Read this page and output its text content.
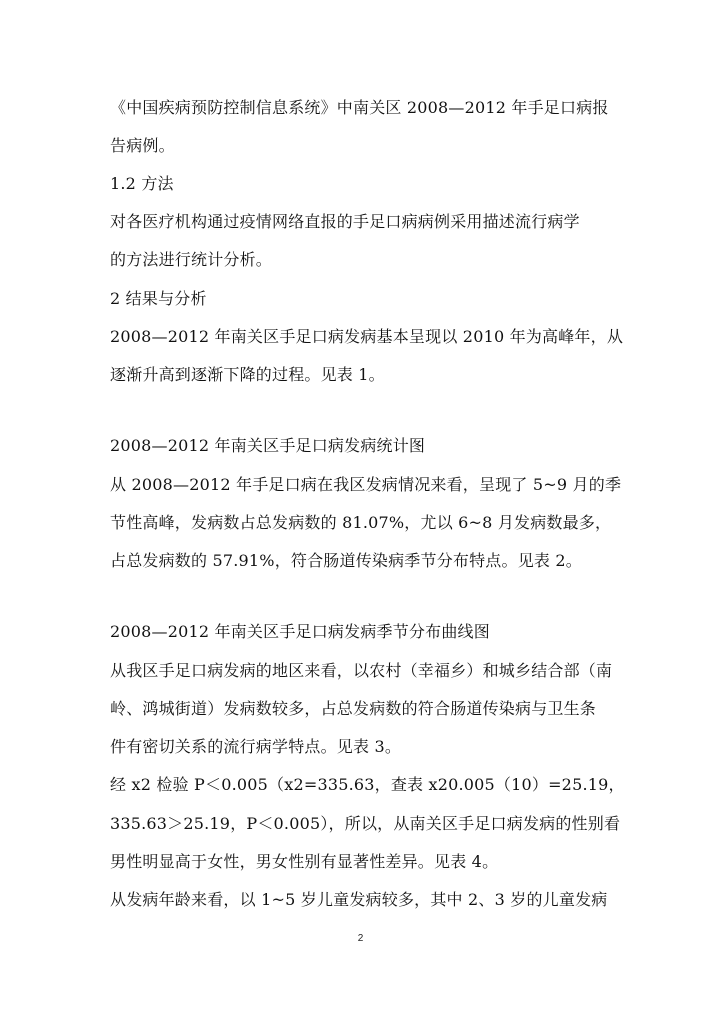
《中国疾病预防控制信息系统》中南关区 2008—2012 年手足口病报
告病例。
1.2 方法
对各医疗机构通过疫情网络直报的手足口病病例采用描述流行病学
的方法进行统计分析。
2 结果与分析
2008—2012 年南关区手足口病发病基本呈现以 2010 年为高峰年，从
逐渐升高到逐渐下降的过程。见表 1。
2008—2012 年南关区手足口病发病统计图
从 2008—2012 年手足口病在我区发病情况来看，呈现了 5~9 月的季
节性高峰，发病数占总发病数的 81.07%，尤以 6~8 月发病数最多，
占总发病数的 57.91%，符合肠道传染病季节分布特点。见表 2。
2008—2012 年南关区手足口病发病季节分布曲线图
从我区手足口病发病的地区来看，以农村（幸福乡）和城乡结合部（南
岭、鸿城街道）发病数较多，占总发病数的符合肠道传染病与卫生条
件有密切关系的流行病学特点。见表 3。
经 x2 检验 P＜0.005（x2=335.63，查表 x20.005（10）=25.19，
335.63＞25.19，P＜0.005），所以，从南关区手足口病发病的性别看
男性明显高于女性，男女性别有显著性差异。见表 4。
从发病年龄来看，以 1~5 岁儿童发病较多，其中 2、3 岁的儿童发病
2
